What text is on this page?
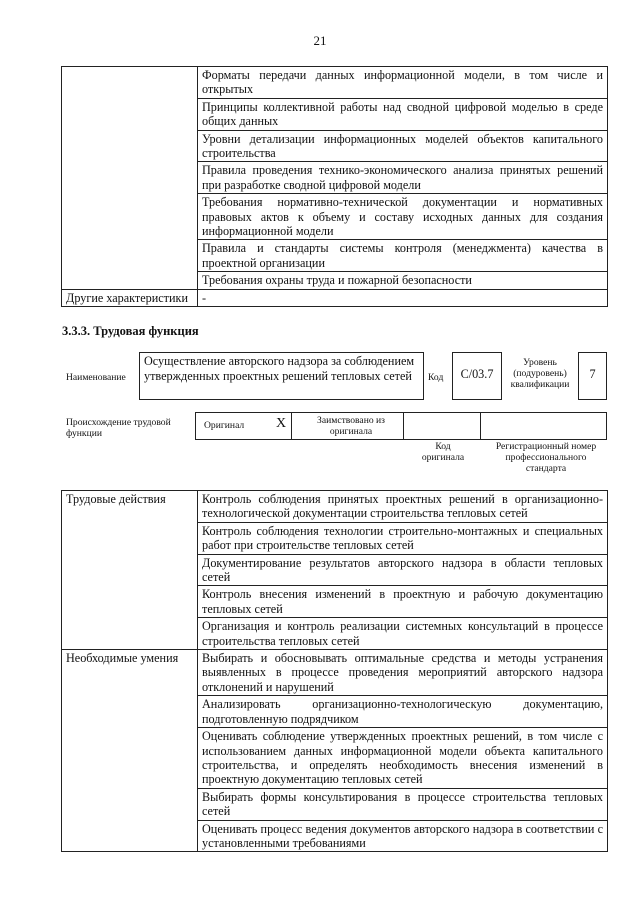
21
	Форматы передачи данных информационной модели, в том числе и открытых
	Принципы коллективной работы над сводной цифровой моделью в среде общих данных
	Уровни детализации информационных моделей объектов капитального строительства
	Правила проведения технико-экономического анализа принятых решений при разработке сводной цифровой модели
	Требования нормативно-технической документации и нормативных правовых актов к объему и составу исходных данных для создания информационной модели
	Правила и стандарты системы контроля (менеджмента) качества в проектной организации
	Требования охраны труда и пожарной безопасности
Другие характеристики	-
3.3.3. Трудовая функция
Наименование
Осуществление авторского надзора за соблюдением утвержденных проектных решений тепловых сетей	Код	C/03.7
Уровень (подуровень) квалификации
7
Происхождение трудовой функции
Оригинал X	Заимствовано из оригинала
Код оригинала
Регистрационный номер профессионального стандарта
Трудовые действия	Контроль соблюдения принятых проектных решений в организационно-технологической документации строительства тепловых сетей
	Контроль соблюдения технологии строительно-монтажных и специальных работ при строительстве тепловых сетей
	Документирование результатов авторского надзора в области тепловых сетей
	Контроль внесения изменений в проектную и рабочую документацию тепловых сетей
	Организация и контроль реализации системных консультаций в процессе строительства тепловых сетей
Необходимые умения	Выбирать и обосновывать оптимальные средства и методы устранения выявленных в процессе проведения мероприятий авторского надзора отклонений и нарушений
	Анализировать организационно-технологическую документацию, подготовленную подрядчиком
	Оценивать соблюдение утвержденных проектных решений, в том числе с использованием данных информационной модели объекта капитального строительства, и определять необходимость внесения изменений в проектную документацию тепловых сетей
	Выбирать формы консультирования в процессе строительства тепловых сетей
	Оценивать процесс ведения документов авторского надзора в соответствии с установленными требованиями
